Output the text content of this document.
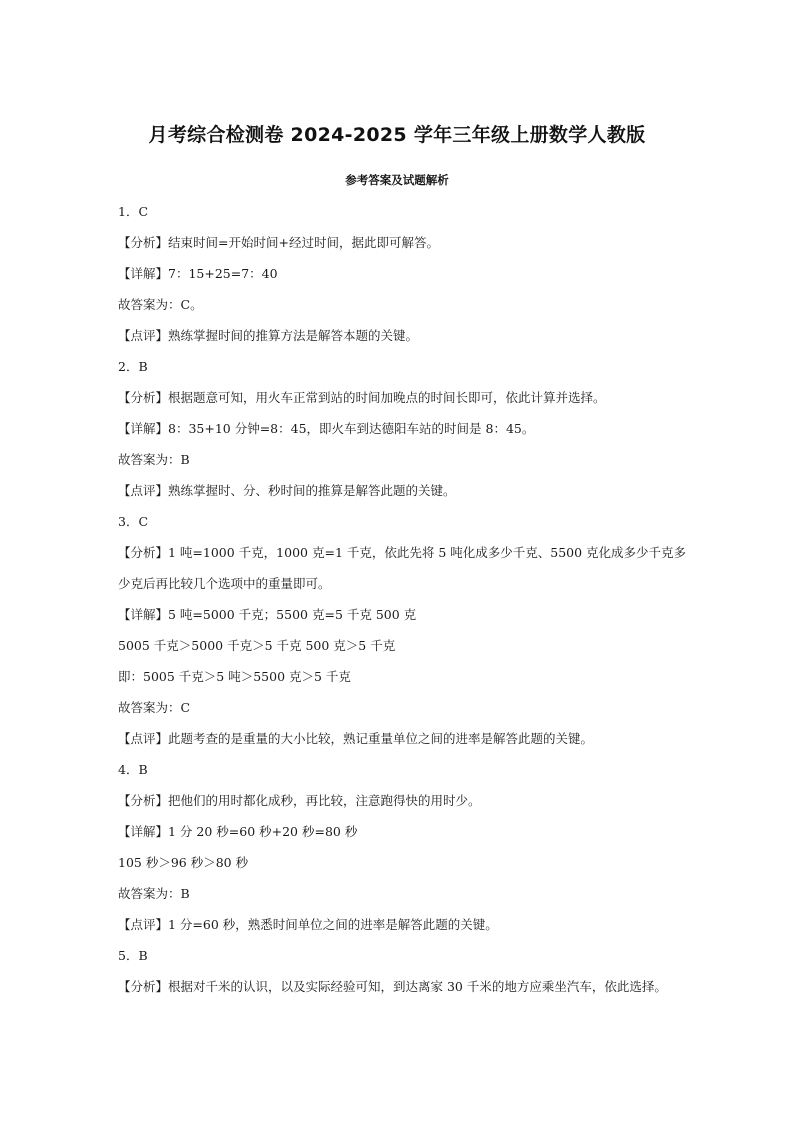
月考综合检测卷 2024-2025 学年三年级上册数学人教版
参考答案及试题解析

1．C

【分析】结束时间=开始时间+经过时间，据此即可解答。

【详解】7：15+25=7：40

故答案为：C。

【点评】熟练掌握时间的推算方法是解答本题的关键。

2．B

【分析】根据题意可知，用火车正常到站的时间加晚点的时间长即可，依此计算并选择。

【详解】8：35+10 分钟=8：45，即火车到达德阳车站的时间是 8：45。

故答案为：B

【点评】熟练掌握时、分、秒时间的推算是解答此题的关键。

3．C

【分析】1 吨=1000 千克，1000 克=1 千克，依此先将 5 吨化成多少千克、5500 克化成多少千克多少克后再比较几个选项中的重量即可。

【详解】5 吨=5000 千克；5500 克=5 千克 500 克

5005 千克＞5000 千克＞5 千克 500 克＞5 千克

即：5005 千克＞5 吨＞5500 克＞5 千克

故答案为：C

【点评】此题考查的是重量的大小比较，熟记重量单位之间的进率是解答此题的关键。

4．B

【分析】把他们的用时都化成秒，再比较，注意跑得快的用时少。

【详解】1 分 20 秒=60 秒+20 秒=80 秒

105 秒＞96 秒＞80 秒

故答案为：B

【点评】1 分=60 秒，熟悉时间单位之间的进率是解答此题的关键。

5．B

【分析】根据对千米的认识，以及实际经验可知，到达离家 30 千米的地方应乘坐汽车，依此选择。
